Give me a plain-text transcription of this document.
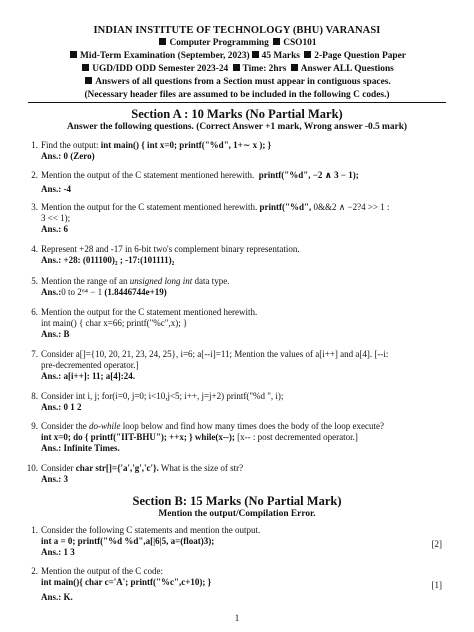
INDIAN INSTITUTE OF TECHNOLOGY (BHU) VARANASI
Computer Programming CSO101
Mid-Term Examination (September, 2023) 45 Marks 2-Page Question Paper
UGD/IDD ODD Semester 2023-24 Time: 2hrs Answer ALL Questions
Answers of all questions from a Section must appear in contiguous spaces.
(Necessary header files are assumed to be included in the following C codes.)
Section A : 10 Marks (No Partial Mark)
Answer the following questions. (Correct Answer +1 mark, Wrong answer -0.5 mark)
1. Find the output: int main() { int x=0; printf("%d", 1+∼ x ); }
Ans.: 0 (Zero)
2. Mention the output of the C statement mentioned herewith. printf("%d", −2 ∧ 3 − 1);
Ans.: -4
3. Mention the output for the C statement mentioned herewith. printf("%d", 0&&2 ∧ −2?4 >> 1 :
3 << 1);
Ans.: 6
4. Represent +28 and -17 in 6-bit two's complement binary representation.
Ans.: +28: (011100)₂ ; -17:(101111)₂
5. Mention the range of an unsigned long int data type.
Ans.:0 to 2⁶⁴ − 1 (1.8446744e+19)
6. Mention the output for the C statement mentioned herewith.
int main() { char x=66; printf("%c",x); }
Ans.: B
7. Consider a[]={10, 20, 21, 23, 24, 25}, i=6; a[--i]=11; Mention the values of a[i++] and a[4]. [--i:
pre-decremented operator.]
Ans.: a[i++]: 11; a[4]:24.
8. Consider int i, j; for(i=0, j=0; i<10,j<5; i++, j=j+2) printf("%d ", i);
Ans.: 0 1 2
9. Consider the do-while loop below and find how many times does the body of the loop execute?
int x=0; do { printf("IIT-BHU"); ++x; } while(x--); [x-- : post decremented operator.]
Ans.: Infinite Times.
10. Consider char str[]={'a','g','c'}. What is the size of str?
Ans.: 3
Section B: 15 Marks (No Partial Mark)
Mention the output/Compilation Error.
1. Consider the following C statements and mention the output.
int a = 0; printf("%d %d",a[|6|5, a=(float)3);
Ans.: 1 3
[2]
2. Mention the output of the C code:
int main(){ char c='A'; printf("%c",c+10); }
Ans.: K.
[1]
1
